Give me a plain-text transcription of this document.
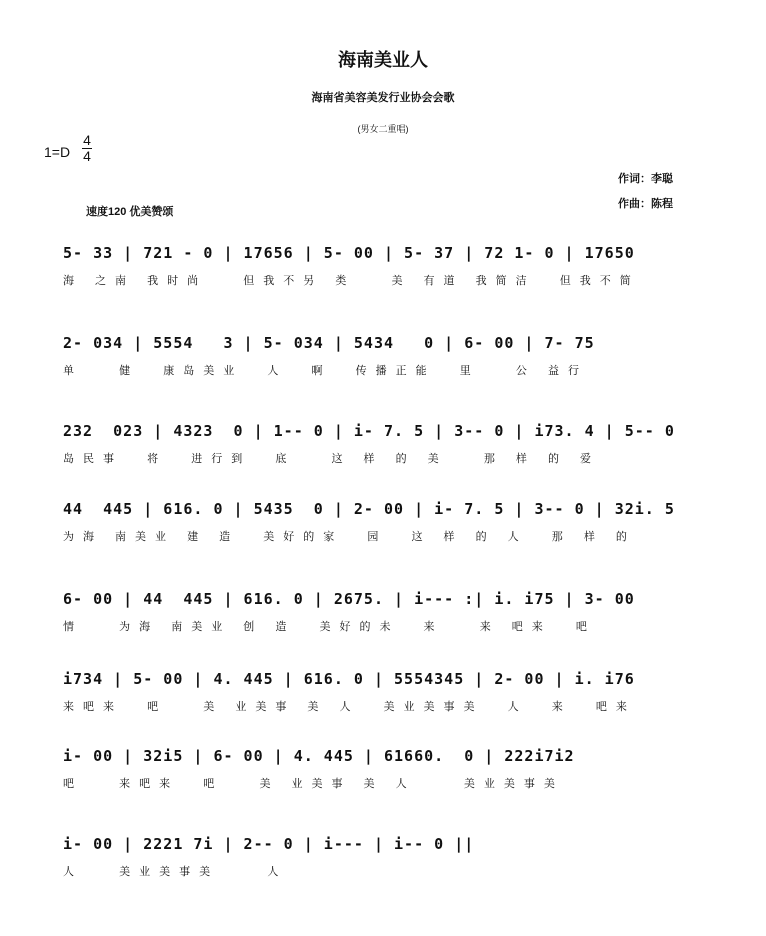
海南美业人
海南省美容美发行业协会会歌
(男女二重唱)
1=D
4
4
作词：李聪
作曲：陈程
速度120 优美赞颂
5- 33 | 721 - 0 | 17656 | 5- 00 | 5- 37 | 72 1- 0 | 17650
海 之南 我时尚   但我不另 类   美 有道 我简洁  但我不简
2- 034 | 5554   3 | 5- 034 | 5434   0 | 6- 00 | 7- 75
单   健  康岛美业  人  啊  传播正能  里   公 益行
232  023 | 4323  0 | 1-- 0 | i- 7. 5 | 3-- 0 | i73. 4 | 5-- 0
岛民事  将  进行到  底   这 样 的 美   那 样 的 爱
44  445 | 616. 0 | 5435  0 | 2- 00 | i- 7. 5 | 3-- 0 | 32i. 5
为海 南美业 建 造  美好的家  园  这 样 的 人  那 样 的
6- 00 | 44  445 | 616. 0 | 2675. | i--- :| i. i75 | 3- 00
情   为海 南美业 创 造  美好的未  来   来 吧来  吧
i734 | 5- 00 | 4. 445 | 616. 0 | 5554345 | 2- 00 | i. i76
来吧来  吧   美 业美事 美 人  美业美事美  人  来  吧来
i- 00 | 32i5 | 6- 00 | 4. 445 | 61660.  0 | 222i7i2
吧   来吧来  吧   美 业美事 美 人    美业美事美
i- 00 | 2221 7i | 2-- 0 | i--- | i-- 0 ||
人   美业美事美    人
